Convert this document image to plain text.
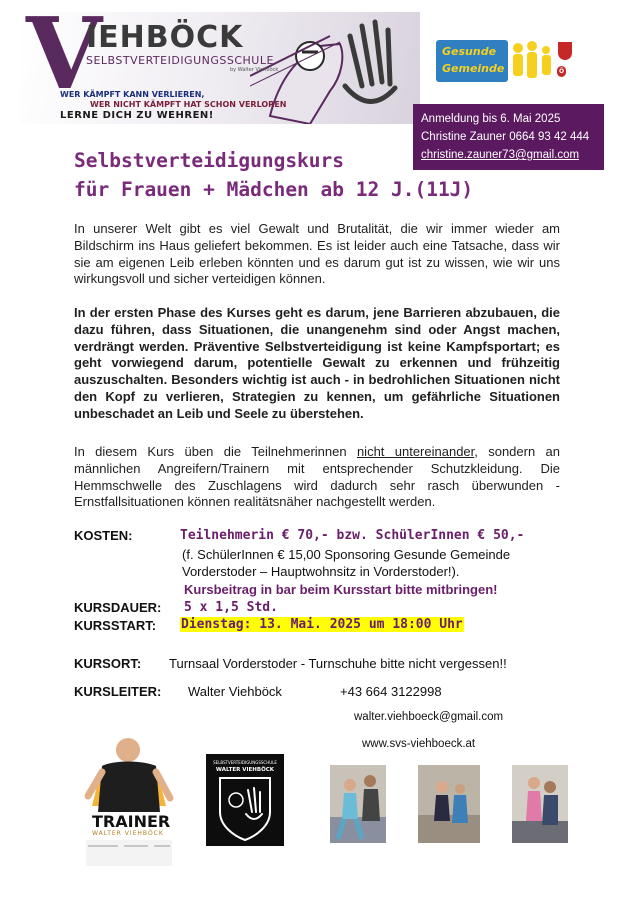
V
IEHBÖCK
SELBSTVERTEIDIGUNGSSCHULE
by Walter Viehböck
WER KÄMPFT KANN VERLIEREN,
WER NICHT KÄMPFT HAT SCHON VERLOREN
LERNE DICH ZU WEHREN!
Gesunde
Gemeinde	Ö
Anmeldung bis 6. Mai 2025
Christine Zauner 0664 93 42 444
christine.zauner73@gmail.com
Selbstverteidigungskurs
für Frauen + Mädchen ab 12 J.(11J)
In unserer Welt gibt es viel Gewalt und Brutalität, die wir immer wieder am Bildschirm ins Haus geliefert bekommen. Es ist leider auch eine Tatsache, dass wir sie am eigenen Leib erleben könnten und es darum gut ist zu wissen, wie wir uns wirkungsvoll und sicher verteidigen können.
In der ersten Phase des Kurses geht es darum, jene Barrieren abzubauen, die dazu führen, dass Situationen, die unangenehm sind oder Angst machen, verdrängt werden. Präventive Selbstverteidigung ist keine Kampfsportart; es geht vorwiegend darum, potentielle Gewalt zu erkennen und frühzeitig auszuschalten. Besonders wichtig ist auch - in bedrohlichen Situationen nicht den Kopf zu verlieren, Strategien zu kennen, um gefährliche Situationen unbeschadet an Leib und Seele zu überstehen.
In diesem Kurs üben die Teilnehmerinnen nicht untereinander, sondern an männlichen Angreifern/Trainern mit entsprechender Schutzkleidung. Die Hemmschwelle des Zuschlagens wird dadurch sehr rasch überwunden - Ernstfallsituationen können realitätsnäher nachgestellt werden.
KOSTEN:	Teilnehmerin € 70,- bzw. SchülerInnen € 50,-
(f. SchülerInnen € 15,00 Sponsoring Gesunde Gemeinde
Vorderstoder – Hauptwohnsitz in Vorderstoder!).
Kursbeitrag in bar beim Kursstart bitte mitbringen!
KURSDAUER: 5 x 1,5 Std.
KURSSTART: Dienstag: 13. Mai. 2025 um 18:00 Uhr
KURSORT: Turnsaal Vorderstoder - Turnschuhe bitte nicht vergessen!!
KURSLEITER: Walter Viehböck	+43 664 3122998
walter.viehboeck@gmail.com
www.svs-viehboeck.at
TRAINER
WALTER VIEHBÖCK
SELBSTVERTEIDIGUNGSSCHULE
WALTER VIEHBÖCK
